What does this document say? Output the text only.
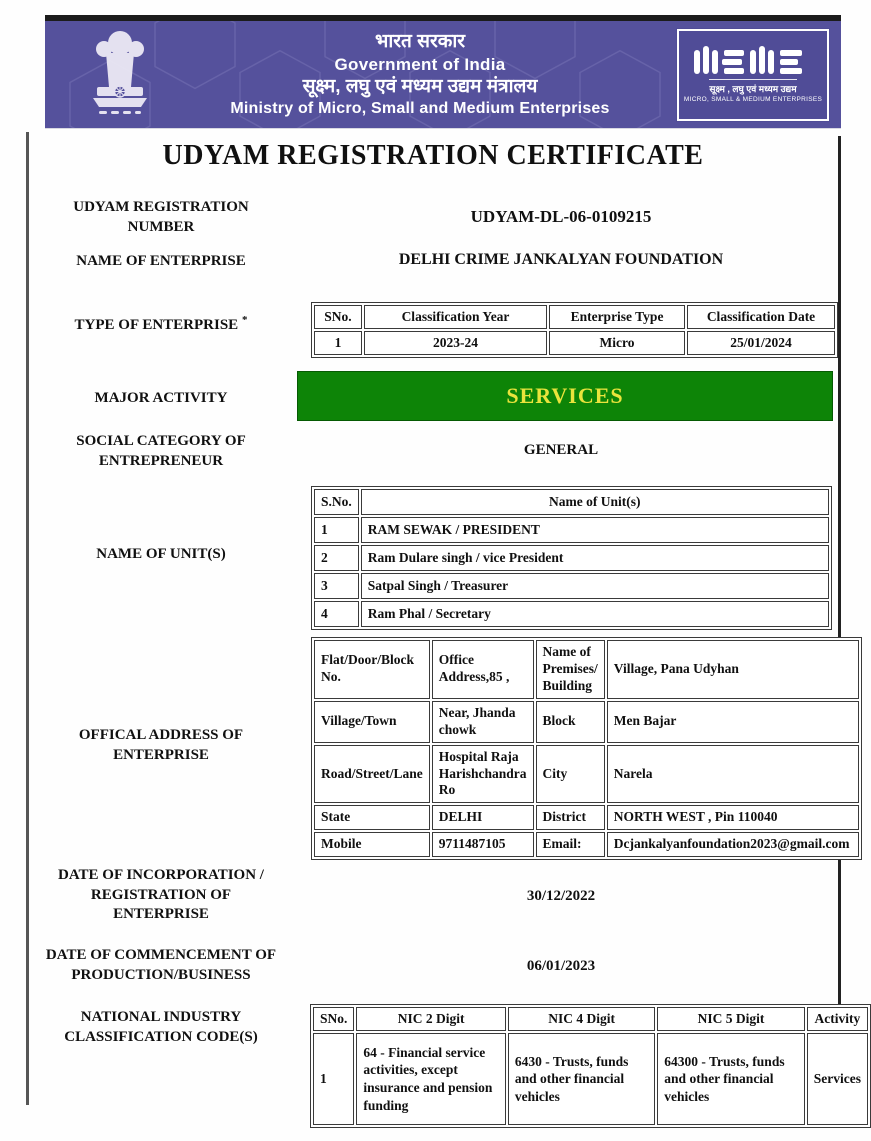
भारत सरकार
Government of India
सूक्ष्म, लघु एवं मध्यम उद्यम मंत्रालय
Ministry of Micro, Small and Medium Enterprises
सूक्ष्म , लघु एवं मध्यम उद्यम
MICRO, SMALL & MEDIUM ENTERPRISES
UDYAM REGISTRATION CERTIFICATE
UDYAM REGISTRATION NUMBER
UDYAM-DL-06-0109215
NAME OF ENTERPRISE	DELHI CRIME JANKALYAN FOUNDATION
TYPE OF ENTERPRISE *	SNo.	Classification Year	Enterprise Type	Classification Date
1	2023-24	Micro	25/01/2024
MAJOR ACTIVITY	SERVICES
SOCIAL CATEGORY OF ENTREPRENEUR
GENERAL
NAME OF UNIT(S)
S.No.	Name of Unit(s)
1	RAM SEWAK / PRESIDENT
2	Ram Dulare singh / vice President
3	Satpal Singh / Treasurer
4	Ram Phal / Secretary
OFFICAL ADDRESS OF ENTERPRISE
Flat/Door/Block No.	Office Address,85 ,	Name of Premises/ Building	Village, Pana Udyhan
Village/Town	Near, Jhanda chowk	Block	Men Bajar
Road/Street/Lane	Hospital Raja Harishchandra Ro	City	Narela
State	DELHI	District	NORTH WEST , Pin 110040
Mobile	9711487105	Email:	Dcjankalyanfoundation2023@gmail.com
DATE OF INCORPORATION / REGISTRATION OF ENTERPRISE
30/12/2022
DATE OF COMMENCEMENT OF PRODUCTION/BUSINESS
06/01/2023
NATIONAL INDUSTRY CLASSIFICATION CODE(S)
SNo.	NIC 2 Digit	NIC 4 Digit	NIC 5 Digit	Activity
1	64 - Financial service activities, except insurance and pension funding	6430 - Trusts, funds and other financial vehicles	64300 - Trusts, funds and other financial vehicles	Services
